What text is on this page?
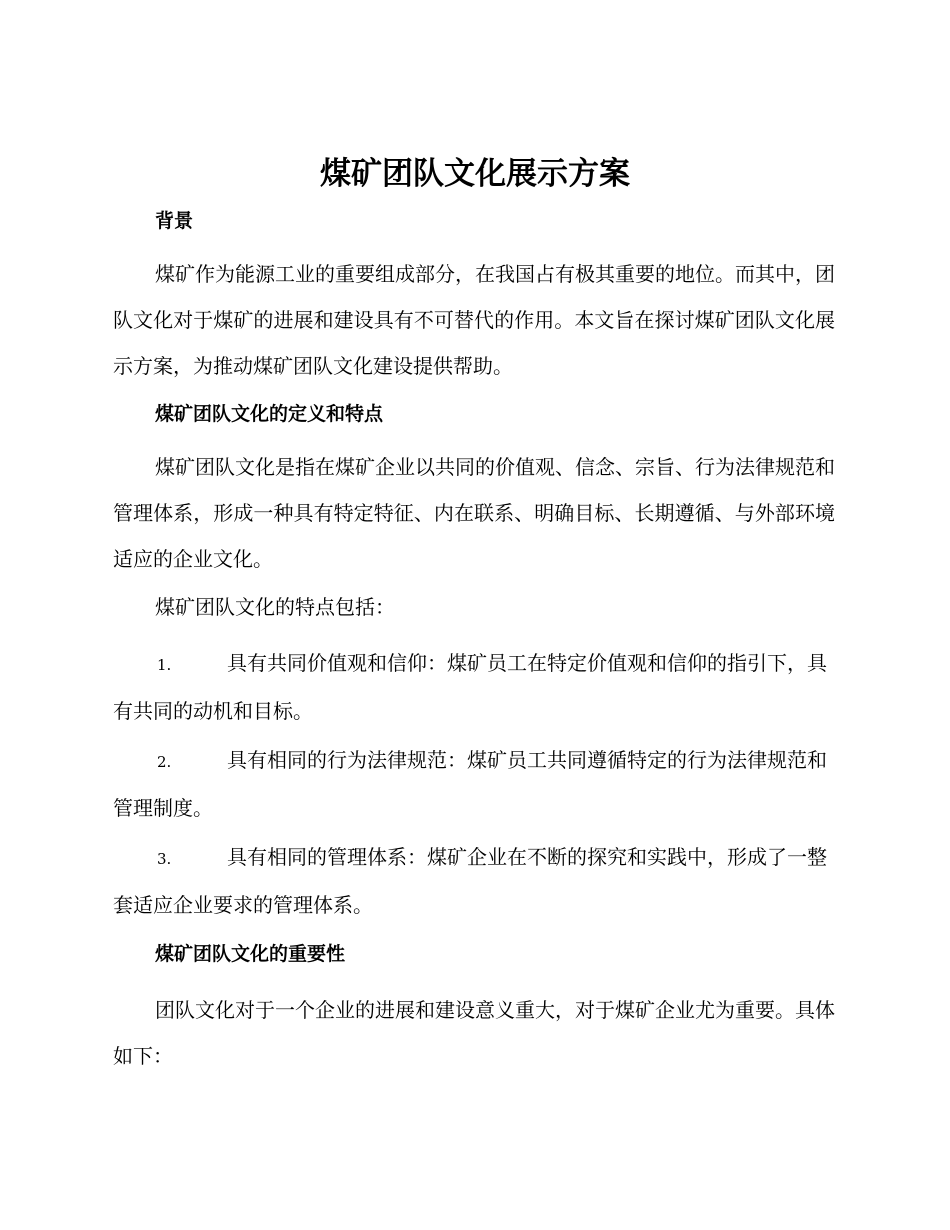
煤矿团队文化展示方案
背景
煤矿作为能源工业的重要组成部分，在我国占有极其重要的地位。而其中，团队文化对于煤矿的进展和建设具有不可替代的作用。本文旨在探讨煤矿团队文化展示方案，为推动煤矿团队文化建设提供帮助。
煤矿团队文化的定义和特点
煤矿团队文化是指在煤矿企业以共同的价值观、信念、宗旨、行为法律规范和管理体系，形成一种具有特定特征、内在联系、明确目标、长期遵循、与外部环境适应的企业文化。
煤矿团队文化的特点包括：
1.	具有共同价值观和信仰：煤矿员工在特定价值观和信仰的指引下，具有共同的动机和目标。
2.	具有相同的行为法律规范：煤矿员工共同遵循特定的行为法律规范和管理制度。
3.	具有相同的管理体系：煤矿企业在不断的探究和实践中，形成了一整套适应企业要求的管理体系。
煤矿团队文化的重要性
团队文化对于一个企业的进展和建设意义重大，对于煤矿企业尤为重要。具体如下：
